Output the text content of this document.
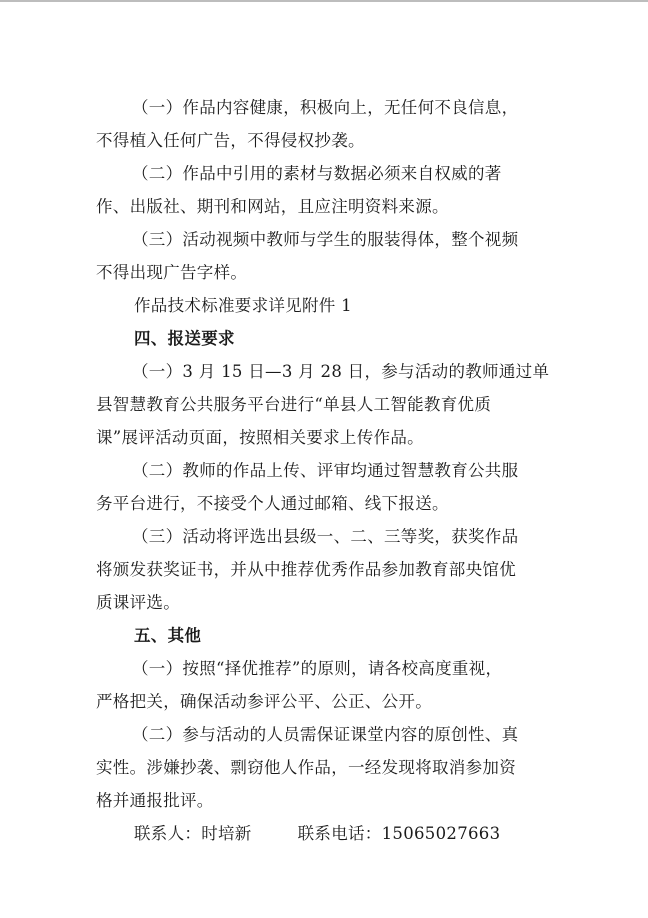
（一）作品内容健康，积极向上，无任何不良信息，
不得植入任何广告，不得侵权抄袭。
（二）作品中引用的素材与数据必须来自权威的著
作、出版社、期刊和网站，且应注明资料来源。
（三）活动视频中教师与学生的服装得体，整个视频
不得出现广告字样。
作品技术标准要求详见附件 1
四、报送要求
（一）3 月 15 日—3 月 28 日，参与活动的教师通过单
县智慧教育公共服务平台进行“单县人工智能教育优质
课”展评活动页面，按照相关要求上传作品。
（二）教师的作品上传、评审均通过智慧教育公共服
务平台进行，不接受个人通过邮箱、线下报送。
（三）活动将评选出县级一、二、三等奖，获奖作品
将颁发获奖证书，并从中推荐优秀作品参加教育部央馆优
质课评选。
五、其他
（一）按照“择优推荐”的原则，请各校高度重视，
严格把关，确保活动参评公平、公正、公开。
（二）参与活动的人员需保证课堂内容的原创性、真
实性。涉嫌抄袭、剽窃他人作品，一经发现将取消参加资
格并通报批评。
联系人：时培新	联系电话：15065027663
